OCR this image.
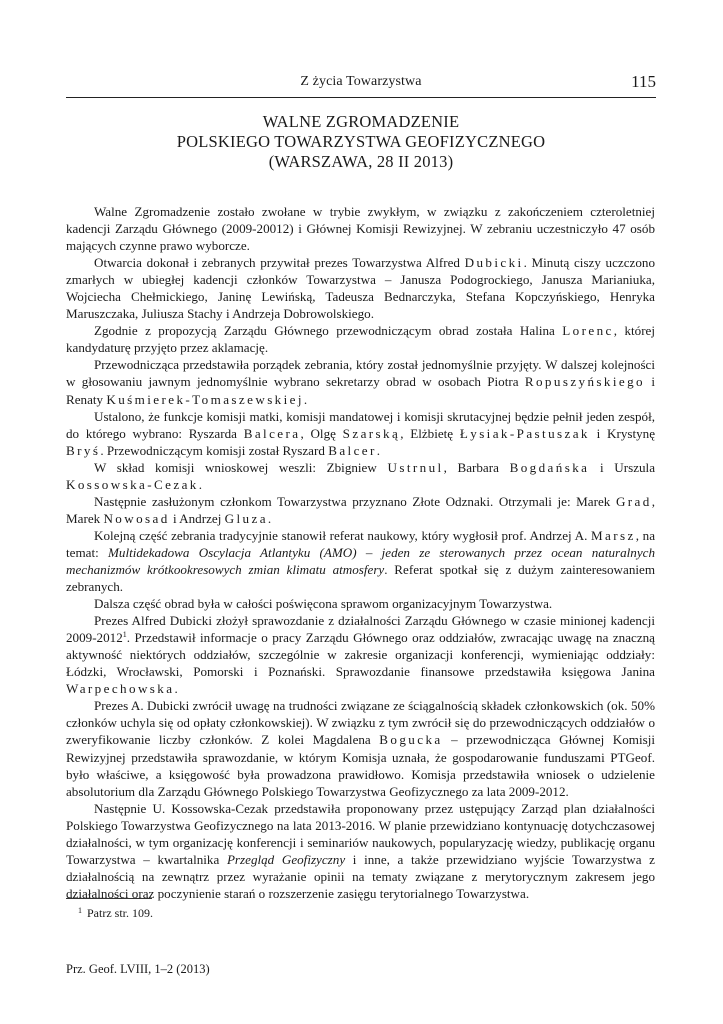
Z życia Towarzystwa	115
WALNE ZGROMADZENIE
POLSKIEGO TOWARZYSTWA GEOFIZYCZNEGO
(WARSZAWA, 28 II 2013)

Walne Zgromadzenie zostało zwołane w trybie zwykłym, w związku z zakończeniem czteroletniej kadencji Zarządu Głównego (2009-20012) i Głównej Komisji Rewizyjnej. W zebraniu uczestniczyło 47 osób mających czynne prawo wyborcze.

Otwarcia dokonał i zebranych przywitał prezes Towarzystwa Alfred Dubicki. Minutą ciszy uczczono zmarłych w ubiegłej kadencji członków Towarzystwa – Janusza Podogrockiego, Janusza Marianiuka, Wojciecha Chełmickiego, Janinę Lewińską, Tadeusza Bednarczyka, Stefana Kopczyńskiego, Henryka Maruszczaka, Juliusza Stachy i Andrzeja Dobrowolskiego.

Zgodnie z propozycją Zarządu Głównego przewodniczącym obrad została Halina Lorenc, której kandydaturę przyjęto przez aklamację.

Przewodnicząca przedstawiła porządek zebrania, który został jednomyślnie przyjęty. W dalszej kolejności w głosowaniu jawnym jednomyślnie wybrano sekretarzy obrad w osobach Piotra Ropuszyńskiego i Renaty Kuśmierek-Tomaszewskiej.

Ustalono, że funkcje komisji matki, komisji mandatowej i komisji skrutacyjnej będzie pełnił jeden zespół, do którego wybrano: Ryszarda Balcera, Olgę Szarską, Elżbietę Łysiak-Pastuszak i Krystynę Bryś. Przewodniczącym komisji został Ryszard Balcer.

W skład komisji wnioskowej weszli: Zbigniew Ustrnul, Barbara Bogdańska i Urszula Kossowska-Cezak.

Następnie zasłużonym członkom Towarzystwa przyznano Złote Odznaki. Otrzymali je: Marek Grad, Marek Nowosad i Andrzej Gluza.

Kolejną część zebrania tradycyjnie stanowił referat naukowy, który wygłosił prof. Andrzej A. Marsz, na temat: Multidekadowa Oscylacja Atlantyku (AMO) – jeden ze sterowanych przez ocean naturalnych mechanizmów krótkookresowych zmian klimatu atmosfery. Referat spotkał się z dużym zainteresowaniem zebranych.

Dalsza część obrad była w całości poświęcona sprawom organizacyjnym Towarzystwa.

Prezes Alfred Dubicki złożył sprawozdanie z działalności Zarządu Głównego w czasie minionej kadencji 2009-2012$^1$. Przedstawił informacje o pracy Zarządu Głównego oraz oddziałów, zwracając uwagę na znaczną aktywność niektórych oddziałów, szczególnie w zakresie organizacji konferencji, wymieniając oddziały: Łódzki, Wrocławski, Pomorski i Poznański. Sprawozdanie finansowe przedstawiła księgowa Janina Warpechowska.

Prezes A. Dubicki zwrócił uwagę na trudności związane ze ściągalnością składek członkowskich (ok. 50% członków uchyla się od opłaty członkowskiej). W związku z tym zwrócił się do przewodniczących oddziałów o zweryfikowanie liczby członków. Z kolei Magdalena Bogucka – przewodnicząca Głównej Komisji Rewizyjnej przedstawiła sprawozdanie, w którym Komisja uznała, że gospodarowanie funduszami PTGeof. było właściwe, a księgowość była prowadzona prawidłowo. Komisja przedstawiła wniosek o udzielenie absolutorium dla Zarządu Głównego Polskiego Towarzystwa Geofizycznego za lata 2009-2012.

Następnie U. Kossowska-Cezak przedstawiła proponowany przez ustępujący Zarząd plan działalności Polskiego Towarzystwa Geofizycznego na lata 2013-2016. W planie przewidziano kontynuację dotychczasowej działalności, w tym organizację konferencji i seminariów naukowych, popularyzację wiedzy, publikację organu Towarzystwa – kwartalnika Przegląd Geofizyczny i inne, a także przewidziano wyjście Towarzystwa z działalnością na zewnątrz przez wyrażanie opinii na tematy związane z merytorycznym zakresem jego działalności oraz poczynienie starań o rozszerzenie zasięgu terytorialnego Towarzystwa.

$^1$ Patrz str. 109.
Prz. Geof. LVIII, 1–2 (2013)
